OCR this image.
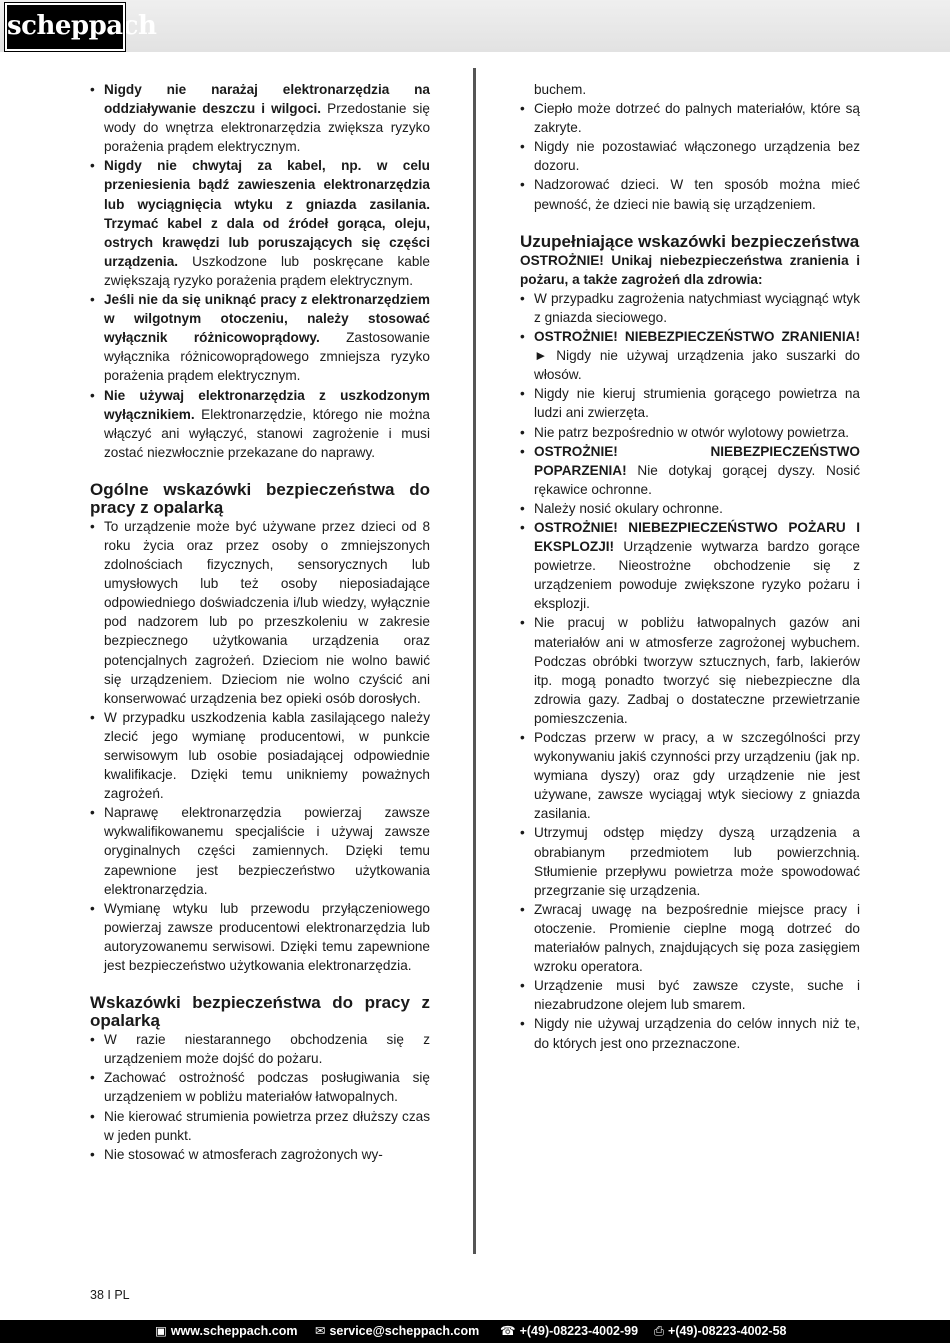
scheppach
• Nigdy nie narażaj elektronarzędzia na oddziaływanie deszczu i wilgoci. Przedostanie się wody do wnętrza elektronarzędzia zwiększa ryzyko porażenia prądem elektrycznym.
• Nigdy nie chwytaj za kabel, np. w celu przeniesienia bądź zawieszenia elektronarzędzia lub wyciągnięcia wtyku z gniazda zasilania. Trzymać kabel z dala od źródeł gorąca, oleju, ostrych krawędzi lub poruszających się części urządzenia. Uszkodzone lub poskręcane kable zwiększają ryzyko porażenia prądem elektrycznym.
• Jeśli nie da się uniknąć pracy z elektronarzędziem w wilgotnym otoczeniu, należy stosować wyłącznik różnicowoprądowy. Zastosowanie wyłącznika różnicowoprądowego zmniejsza ryzyko porażenia prądem elektrycznym.
• Nie używaj elektronarzędzia z uszkodzonym wyłącznikiem. Elektronarzędzie, którego nie można włączyć ani wyłączyć, stanowi zagrożenie i musi zostać niezwłocznie przekazane do naprawy.
Ogólne wskazówki bezpieczeństwa do pracy z opalarką
• To urządzenie może być używane przez dzieci od 8 roku życia oraz przez osoby o zmniejszonych zdolnościach fizycznych, sensorycznych lub umysłowych lub też osoby nieposiadające odpowiedniego doświadczenia i/lub wiedzy, wyłącznie pod nadzorem lub po przeszkoleniu w zakresie bezpiecznego użytkowania urządzenia oraz potencjalnych zagrożeń. Dzieciom nie wolno bawić się urządzeniem. Dzieciom nie wolno czyścić ani konserwować urządzenia bez opieki osób dorosłych.
• W przypadku uszkodzenia kabla zasilającego należy zlecić jego wymianę producentowi, w punkcie serwisowym lub osobie posiadającej odpowiednie kwalifikacje. Dzięki temu unikniemy poważnych zagrożeń.
• Naprawę elektronarzędzia powierzaj zawsze wykwalifikowanemu specjaliście i używaj zawsze oryginalnych części zamiennych. Dzięki temu zapewnione jest bezpieczeństwo użytkowania elektronarzędzia.
• Wymianę wtyku lub przewodu przyłączeniowego powierzaj zawsze producentowi elektronarzędzia lub autoryzowanemu serwisowi. Dzięki temu zapewnione jest bezpieczeństwo użytkowania elektronarzędzia.
Wskazówki bezpieczeństwa do pracy z opalarką
• W razie niestarannego obchodzenia się z urządzeniem może dojść do pożaru.
• Zachować ostrożność podczas posługiwania się urządzeniem w pobliżu materiałów łatwopalnych.
• Nie kierować strumienia powietrza przez dłuższy czas w jeden punkt.
• Nie stosować w atmosferach zagrożonych wy-
buchem.
• Ciepło może dotrzeć do palnych materiałów, które są zakryte.
• Nigdy nie pozostawiać włączonego urządzenia bez dozoru.
• Nadzorować dzieci. W ten sposób można mieć pewność, że dzieci nie bawią się urządzeniem.
Uzupełniające wskazówki bezpieczeństwa
OSTROŻNIE! Unikaj niebezpieczeństwa zranienia i pożaru, a także zagrożeń dla zdrowia:
• W przypadku zagrożenia natychmiast wyciągnąć wtyk z gniazda sieciowego.
• OSTROŻNIE! NIEBEZPIECZEŃSTWO ZRANIENIA! ► Nigdy nie używaj urządzenia jako suszarki do włosów.
• Nigdy nie kieruj strumienia gorącego powietrza na ludzi ani zwierzęta.
• Nie patrz bezpośrednio w otwór wylotowy powietrza.
• OSTROŻNIE! NIEBEZPIECZEŃSTWO POPARZENIA! Nie dotykaj gorącej dyszy. Nosić rękawice ochronne.
• Należy nosić okulary ochronne.
• OSTROŻNIE! NIEBEZPIECZEŃSTWO POŻARU I EKSPLOZJI! Urządzenie wytwarza bardzo gorące powietrze. Nieostrożne obchodzenie się z urządzeniem powoduje zwiększone ryzyko pożaru i eksplozji.
• Nie pracuj w pobliżu łatwopalnych gazów ani materiałów ani w atmosferze zagrożonej wybuchem. Podczas obróbki tworzyw sztucznych, farb, lakierów itp. mogą ponadto tworzyć się niebezpieczne dla zdrowia gazy. Zadbaj o dostateczne przewietrzanie pomieszczenia.
• Podczas przerw w pracy, a w szczególności przy wykonywaniu jakiś czynności przy urządzeniu (jak np. wymiana dyszy) oraz gdy urządzenie nie jest używane, zawsze wyciągaj wtyk sieciowy z gniazda zasilania.
• Utrzymuj odstęp między dyszą urządzenia a obrabianym przedmiotem lub powierzchnią. Stłumienie przepływu powietrza może spowodować przegrzanie się urządzenia.
• Zwracaj uwagę na bezpośrednie miejsce pracy i otoczenie. Promienie cieplne mogą dotrzeć do materiałów palnych, znajdujących się poza zasięgiem wzroku operatora.
• Urządzenie musi być zawsze czyste, suche i niezabrudzone olejem lub smarem.
• Nigdy nie używaj urządzenia do celów innych niż te, do których jest ono przeznaczone.
38 I PL
▣ www.scheppach.com ✉ service@scheppach.com ☎ +(49)-08223-4002-99 ⎙ +(49)-08223-4002-58
